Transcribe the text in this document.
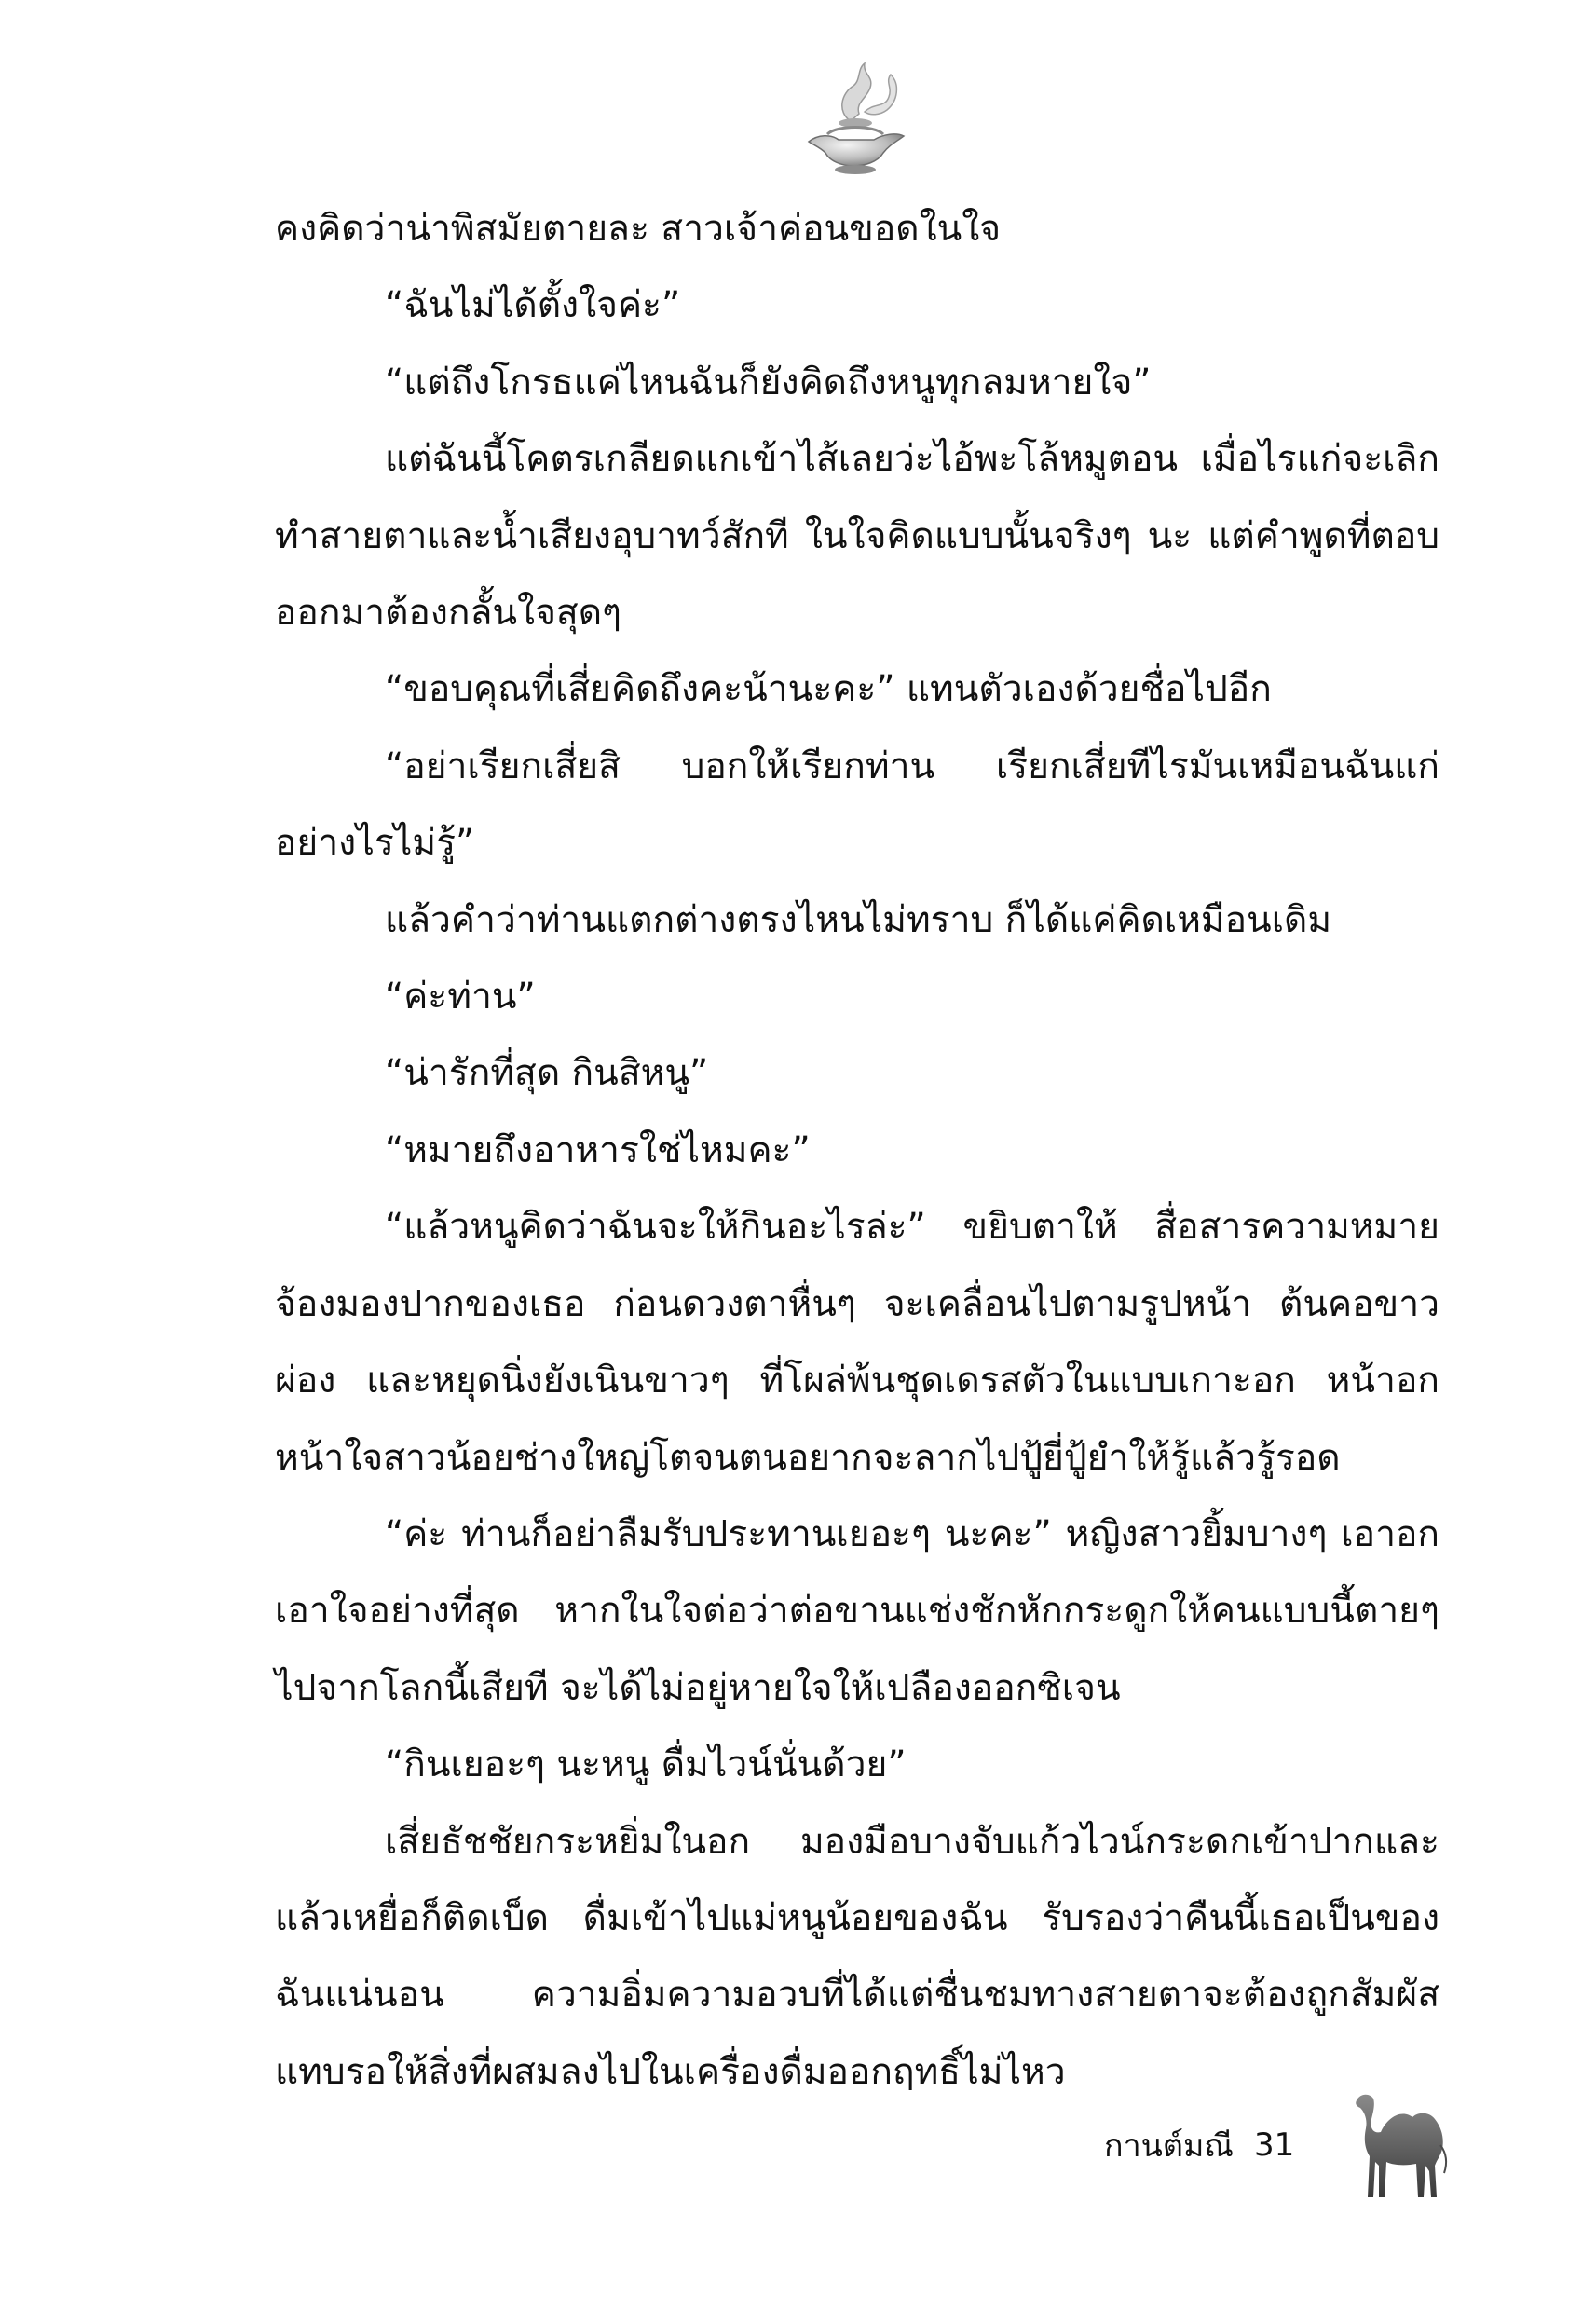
คงคิดว่าน่าพิสมัยตายละ สาวเจ้าค่อนขอดในใจ

“ฉันไม่ได้ตั้งใจค่ะ”

“แต่ถึงโกรธแค่ไหนฉันก็ยังคิดถึงหนูทุกลมหายใจ”

แต่ฉันนี้โคตรเกลียดแกเข้าไส้เลยว่ะไอ้พะโล้หมูตอน เมื่อไรแก่จะเลิกทำสายตาและน้ำเสียงอุบาทว์สักที ในใจคิดแบบนั้นจริงๆ นะ แต่คำพูดที่ตอบออกมาต้องกลั้นใจสุดๆ

“ขอบคุณที่เสี่ยคิดถึงคะน้านะคะ” แทนตัวเองด้วยชื่อไปอีก

“อย่าเรียกเสี่ยสิ บอกให้เรียกท่าน เรียกเสี่ยทีไรมันเหมือนฉันแก่อย่างไรไม่รู้”

แล้วคำว่าท่านแตกต่างตรงไหนไม่ทราบ ก็ได้แค่คิดเหมือนเดิม

“ค่ะท่าน”

“น่ารักที่สุด กินสิหนู”

“หมายถึงอาหารใช่ไหมคะ”

“แล้วหนูคิดว่าฉันจะให้กินอะไรล่ะ” ขยิบตาให้ สื่อสารความหมายจ้องมองปากของเธอ ก่อนดวงตาหื่นๆ จะเคลื่อนไปตามรูปหน้า ต้นคอขาวผ่อง และหยุดนิ่งยังเนินขาวๆ ที่โผล่พ้นชุดเดรสตัวในแบบเกาะอก หน้าอกหน้าใจสาวน้อยช่างใหญ่โตจนตนอยากจะลากไปปู้ยี่ปู้ยำให้รู้แล้วรู้รอด

“ค่ะ ท่านก็อย่าลืมรับประทานเยอะๆ นะคะ” หญิงสาวยิ้มบางๆ เอาอกเอาใจอย่างที่สุด หากในใจต่อว่าต่อขานแช่งชักหักกระดูกให้คนแบบนี้ตายๆ ไปจากโลกนี้เสียที จะได้ไม่อยู่หายใจให้เปลืองออกซิเจน

“กินเยอะๆ นะหนู ดื่มไวน์นั่นด้วย”

เสี่ยธัชชัยกระหยิ่มในอก มองมือบางจับแก้วไวน์กระดกเข้าปากและแล้วเหยื่อก็ติดเบ็ด ดื่มเข้าไปแม่หนูน้อยของฉัน รับรองว่าคืนนี้เธอเป็นของฉันแน่นอน ความอิ่มความอวบที่ได้แต่ชื่นชมทางสายตาจะต้องถูกสัมผัส แทบรอให้สิ่งที่ผสมลงไปในเครื่องดื่มออกฤทธิ์ไม่ไหว

กานต์มณี 31
